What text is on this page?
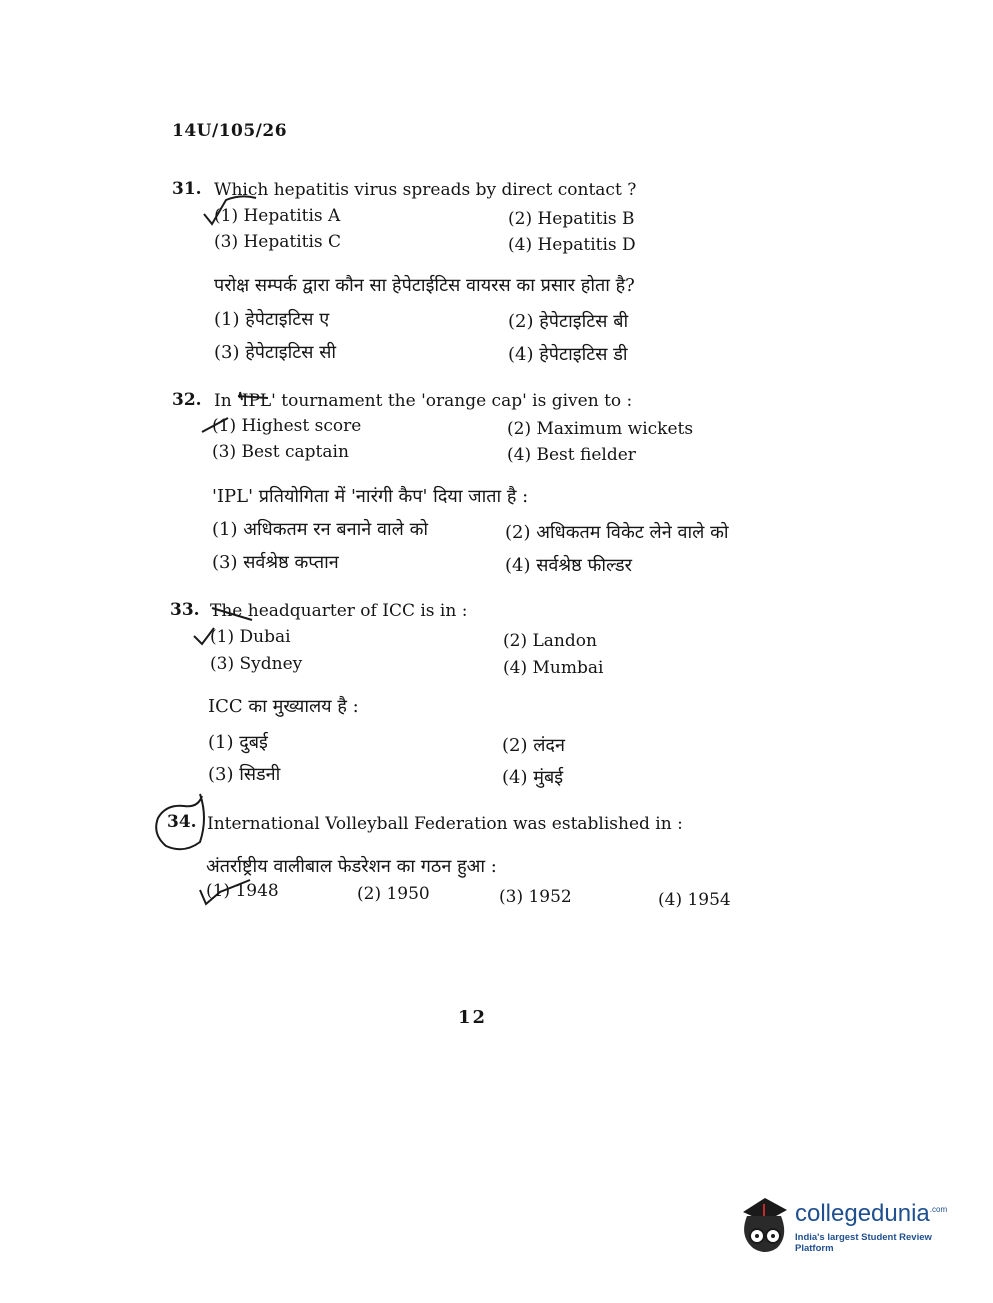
14U/105/26
31. Which hepatitis virus spreads by direct contact ?
(1) Hepatitis A	(2) Hepatitis B
(3) Hepatitis C	(4) Hepatitis D
परोक्ष सम्पर्क द्वारा कौन सा हेपेटाईटिस वायरस का प्रसार होता है?
(1) हेपेटाइटिस ए	(2) हेपेटाइटिस बी
(3) हेपेटाइटिस सी	(4) हेपेटाइटिस डी
32. In 'IPL' tournament the 'orange cap' is given to :
(1) Highest score	(2) Maximum wickets
(3) Best captain	(4) Best fielder
'IPL' प्रतियोगिता में 'नारंगी कैप' दिया जाता है :
(1) अधिकतम रन बनाने वाले को	(2) अधिकतम विकेट लेने वाले को
(3) सर्वश्रेष्ठ कप्तान	(4) सर्वश्रेष्ठ फील्डर
33. The headquarter of ICC is in :
(1) Dubai	(2) Landon
(3) Sydney	(4) Mumbai
ICC का मुख्यालय है :
(1) दुबई	(2) लंदन
(3) सिडनी	(4) मुंबई
34. International Volleyball Federation was established in :
अंतर्राष्ट्रीय वालीबाल फेडरेशन का गठन हुआ :
(1) 1948	(2) 1950	(3) 1952	(4) 1954
12
collegedunia$^{.com}$
India's largest Student Review Platform
